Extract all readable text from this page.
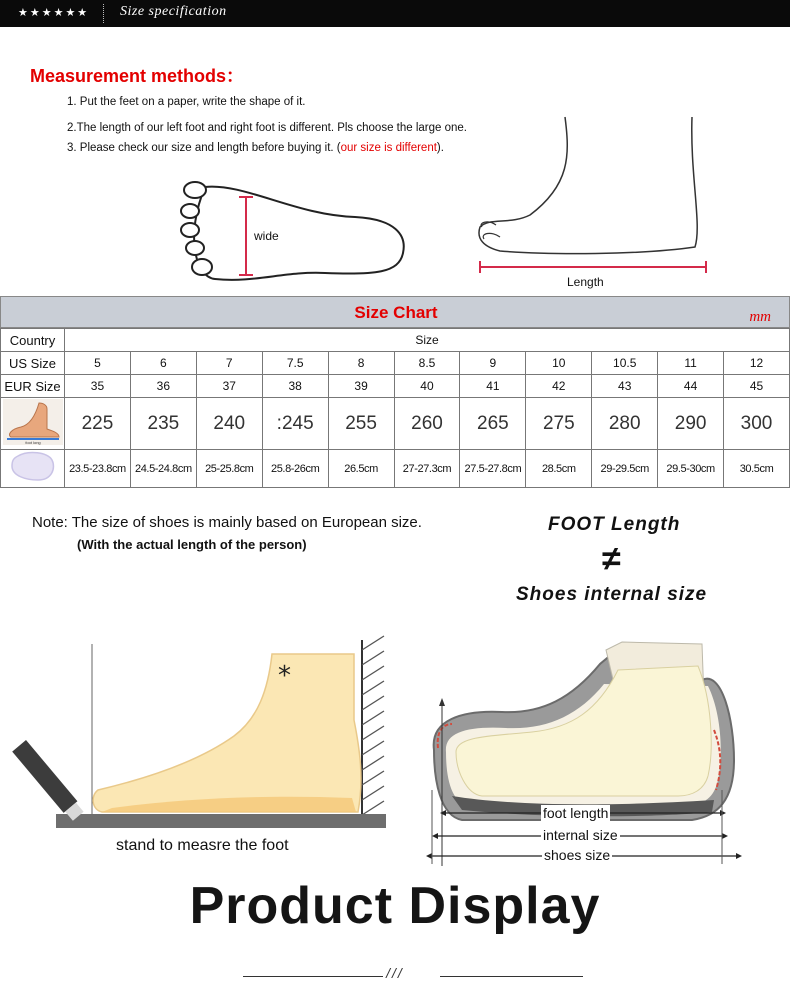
★★★★★★ Size specification
Measurement methods：
1. Put the feet on a paper, write the shape of it.
2.The length of our left foot and right foot is different. Pls choose the large one.
3. Please check our size and length before buying it. (our size is different).
wide
Length
Size Chart	mm
Country	Size										
US Size	5	6	7	7.5	8	8.5	9	10	10.5	11	12
EUR Size	35	36	37	38	39	40	41	42	43	44	45

foot long	225	235	240	:245	255	260	265	275	280	290	300
	23.5-23.8cm	24.5-24.8cm	25-25.8cm	25.8-26cm	26.5cm	27-27.3cm	27.5-27.8cm	28.5cm	29-29.5cm	29.5-30cm	30.5cm
Note: The size of shoes is mainly based on European size.
(With the actual length of the person)
FOOT Length
≠
Shoes internal size
*
stand to measre the foot
foot length
internal size
shoes size
Product Display
///
